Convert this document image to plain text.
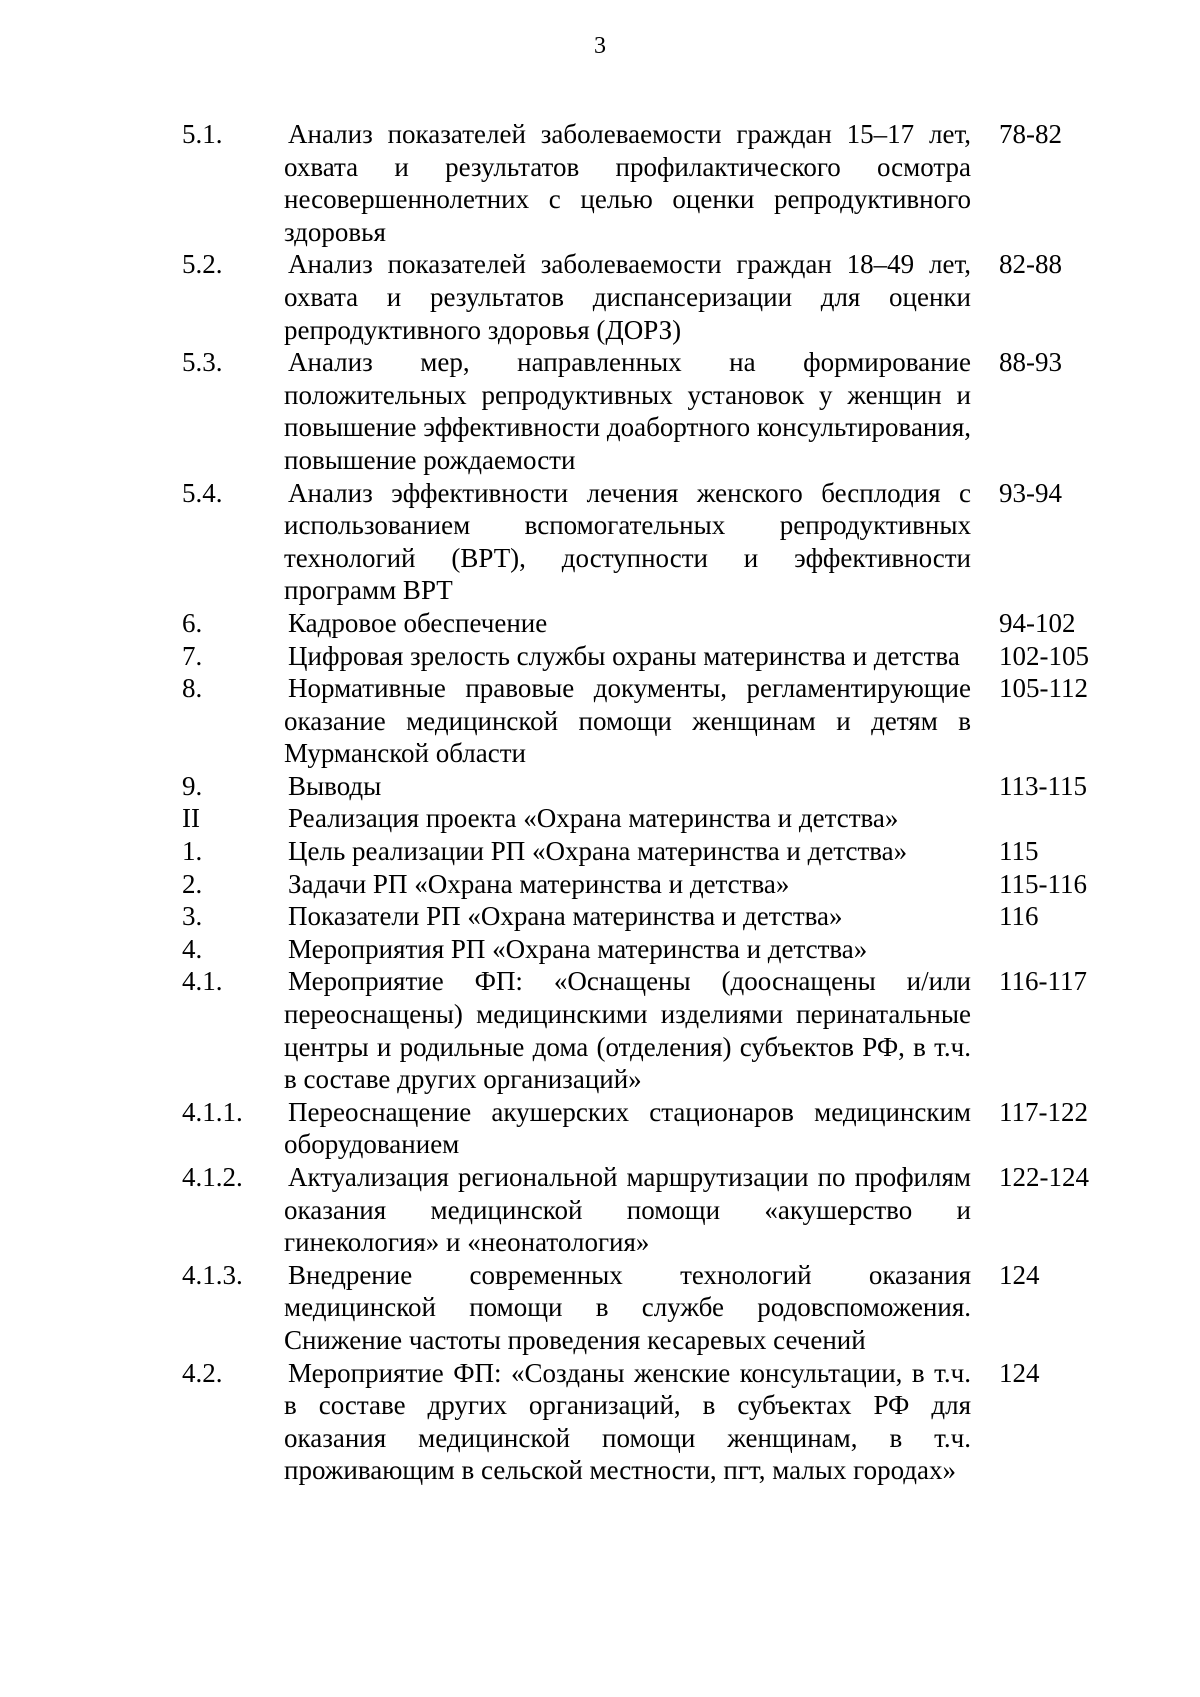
3
5.1.	Анализ показателей заболеваемости граждан 15–17 лет, охвата и результатов профилактического осмотра несовершеннолетних с целью оценки репродуктивного здоровья
78-82
5.2.	Анализ показателей заболеваемости граждан 18–49 лет, охвата и результатов диспансеризации для оценки репродуктивного здоровья (ДОРЗ)
82-88
5.3.	Анализ мер, направленных на формирование положительных репродуктивных установок у женщин и повышение эффективности доабортного консультирования, повышение рождаемости
88-93
5.4.	Анализ эффективности лечения женского бесплодия с использованием вспомогательных репродуктивных технологий (ВРТ), доступности и эффективности программ ВРТ
93-94
6.	Кадровое обеспечение	94-102
7.	Цифровая зрелость службы охраны материнства и детства	102-105
8.	Нормативные правовые документы, регламентирующие оказание медицинской помощи женщинам и детям в Мурманской области
105-112
9.	Выводы	113-115
II	Реализация проекта «Охрана материнства и детства»
1.	Цель реализации РП «Охрана материнства и детства»	115
2.	Задачи РП «Охрана материнства и детства»	115-116
3.	Показатели РП «Охрана материнства и детства»	116
4.	Мероприятия РП «Охрана материнства и детства»
4.1.	Мероприятие ФП: «Оснащены (дооснащены и/или переоснащены) медицинскими изделиями перинатальные центры и родильные дома (отделения) субъектов РФ, в т.ч. в составе других организаций»
116-117
4.1.1.	Переоснащение акушерских стационаров медицинским оборудованием
117-122
4.1.2.	Актуализация региональной маршрутизации по профилям оказания медицинской помощи «акушерство и гинекология» и «неонатология»
122-124
4.1.3.	Внедрение современных технологий оказания медицинской помощи в службе родовспоможения. Снижение частоты проведения кесаревых сечений
124
4.2.	Мероприятие ФП: «Созданы женские консультации, в т.ч. в составе других организаций, в субъектах РФ для оказания медицинской помощи женщинам, в т.ч. проживающим в сельской местности, пгт, малых городах»
124
